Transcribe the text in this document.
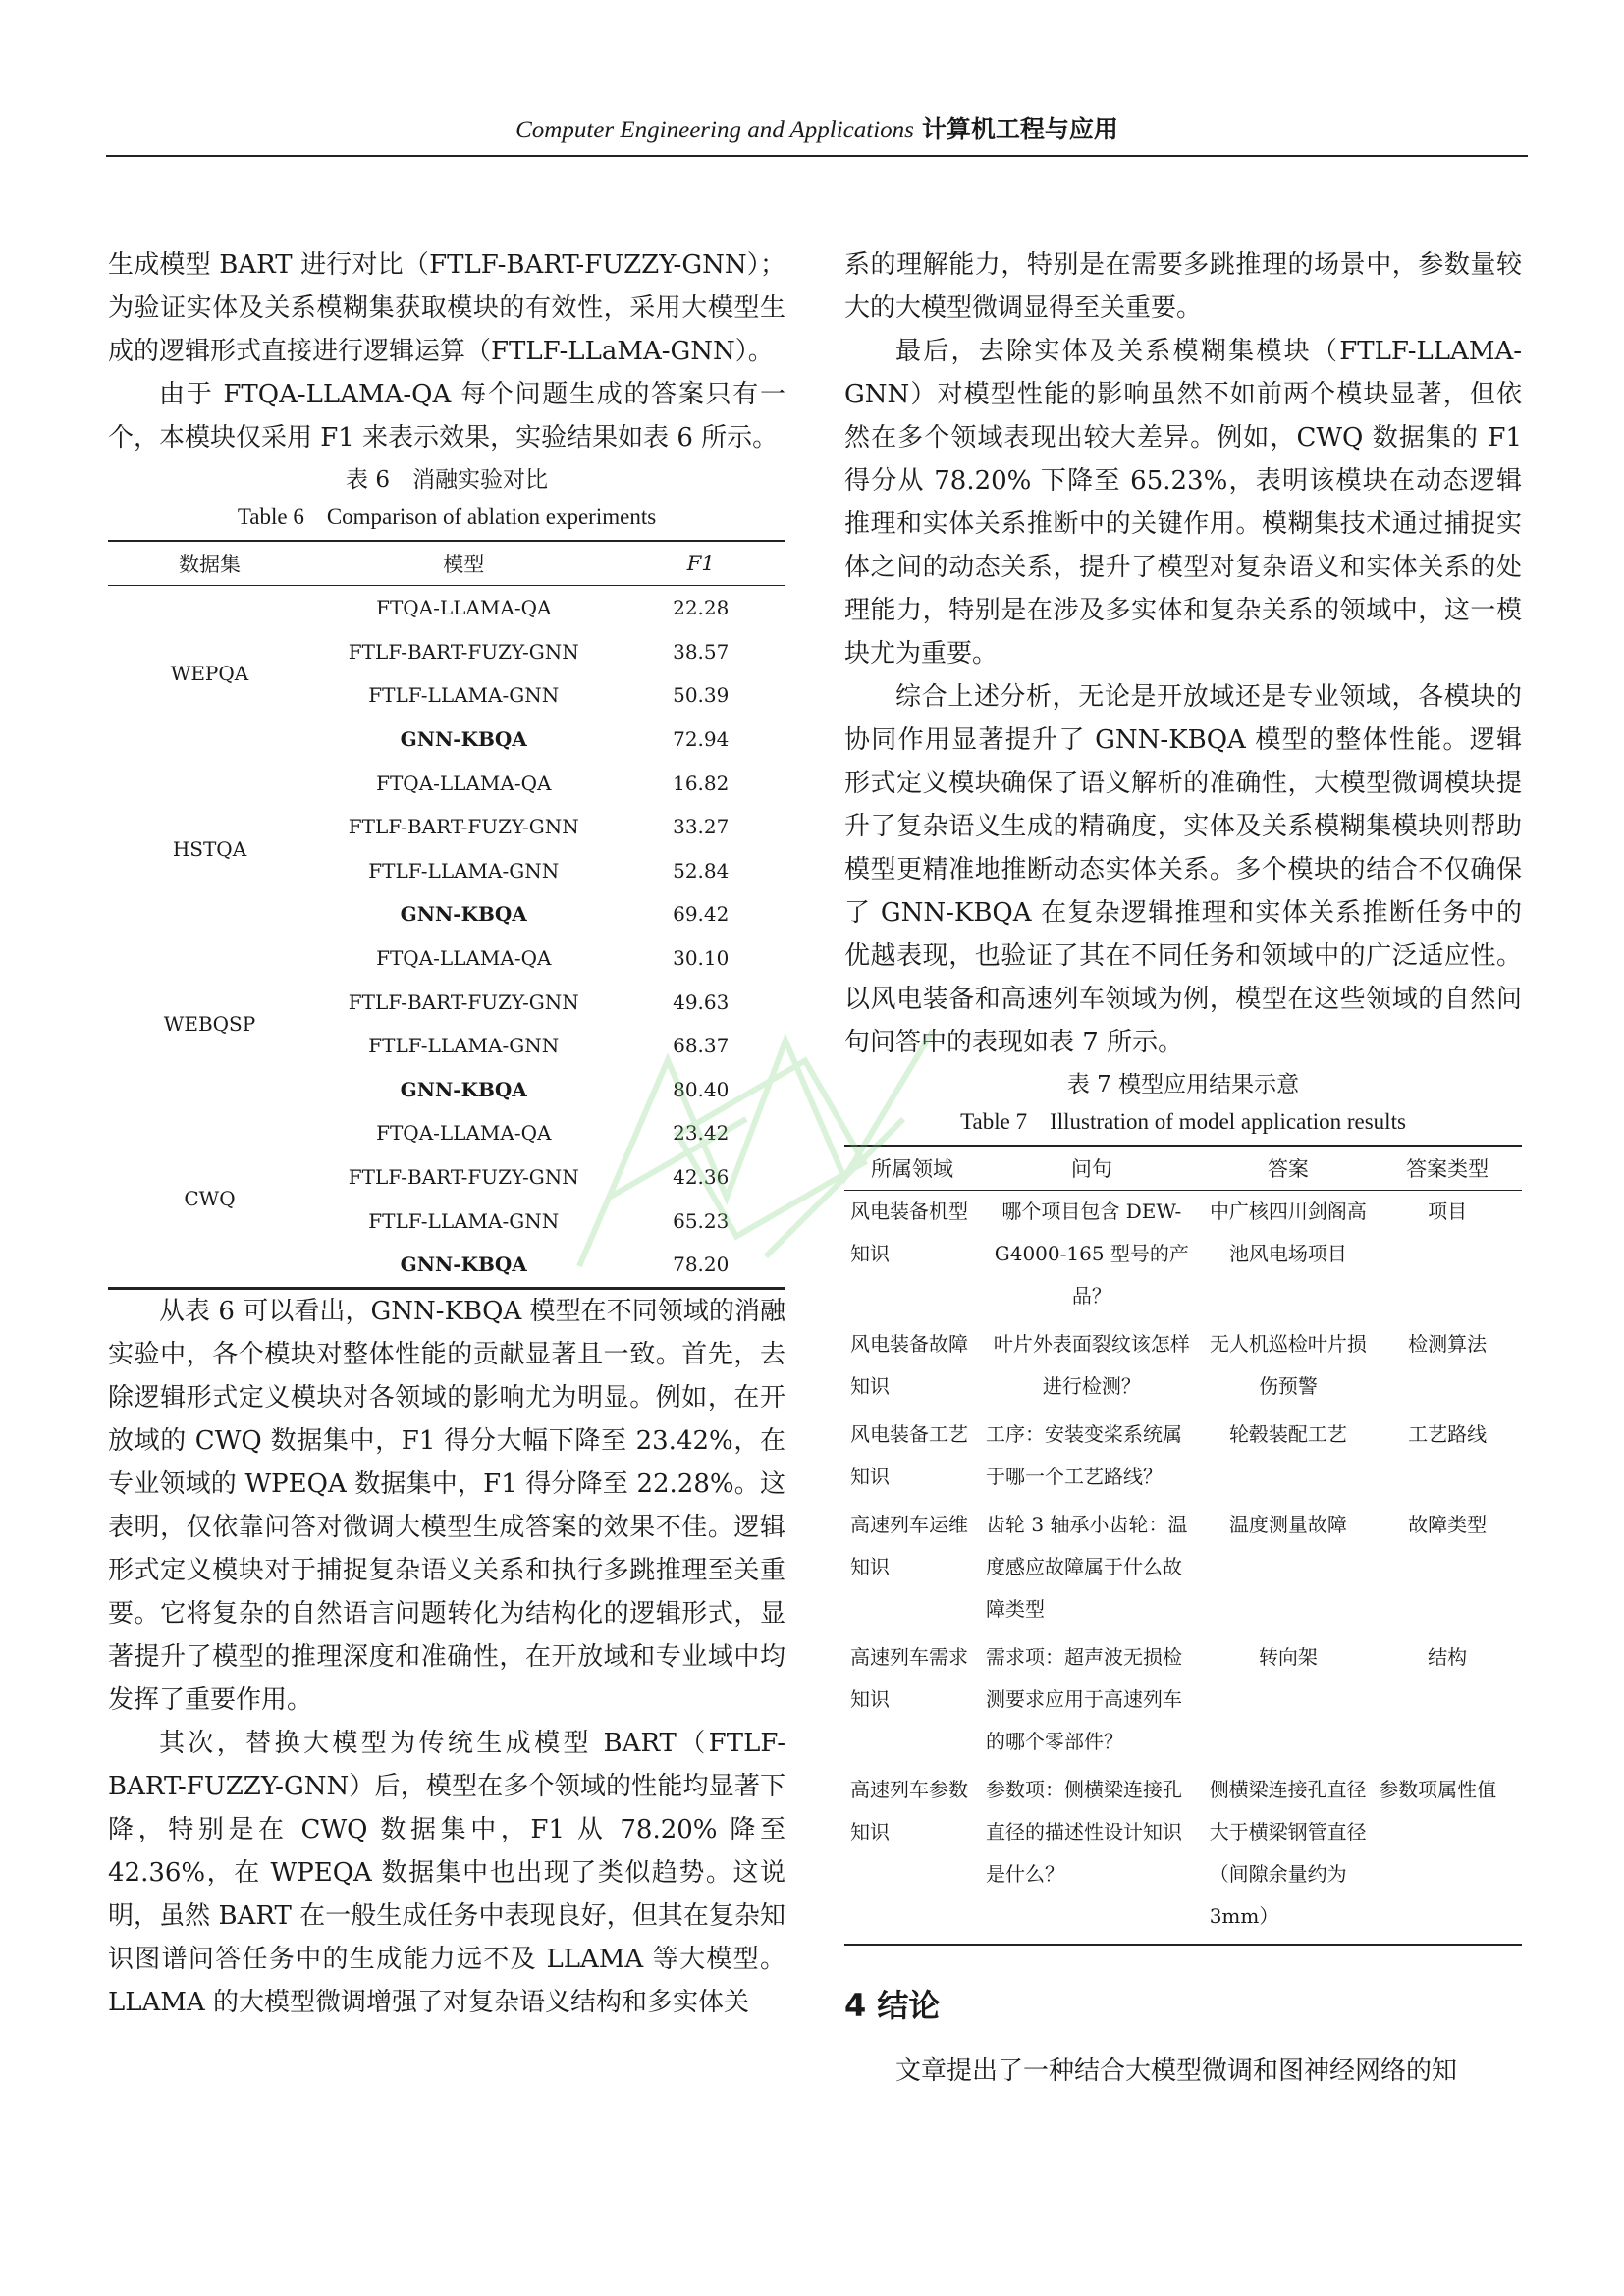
Computer Engineering and Applications 计算机工程与应用

生成模型 BART 进行对比（FTLF-BART-FUZZY-GNN）；为验证实体及关系模糊集获取模块的有效性，采用大模型生成的逻辑形式直接进行逻辑运算（FTLF-LLaMA-GNN）。

由于 FTQA-LLAMA-QA 每个问题生成的答案只有一个，本模块仅采用 F1 来表示效果，实验结果如表 6 所示。

表 6　消融实验对比
Table 6　Comparison of ablation experiments
数据集	模型	F1
WEPQA	FTQA-LLAMA-QA	22.28
	FTLF-BART-FUZY-GNN	38.57
	FTLF-LLAMA-GNN	50.39
	GNN-KBQA	72.94
HSTQA	FTQA-LLAMA-QA	16.82
	FTLF-BART-FUZY-GNN	33.27
	FTLF-LLAMA-GNN	52.84
	GNN-KBQA	69.42
WEBQSP	FTQA-LLAMA-QA	30.10
	FTLF-BART-FUZY-GNN	49.63
	FTLF-LLAMA-GNN	68.37
	GNN-KBQA	80.40
CWQ	FTQA-LLAMA-QA	23.42
	FTLF-BART-FUZY-GNN	42.36
	FTLF-LLAMA-GNN	65.23
	GNN-KBQA	78.20

从表 6 可以看出，GNN-KBQA 模型在不同领域的消融实验中，各个模块对整体性能的贡献显著且一致。首先，去除逻辑形式定义模块对各领域的影响尤为明显。例如，在开放域的 CWQ 数据集中，F1 得分大幅下降至 23.42%，在专业领域的 WPEQA 数据集中，F1 得分降至 22.28%。这表明，仅依靠问答对微调大模型生成答案的效果不佳。逻辑形式定义模块对于捕捉复杂语义关系和执行多跳推理至关重要。它将复杂的自然语言问题转化为结构化的逻辑形式，显著提升了模型的推理深度和准确性，在开放域和专业域中均发挥了重要作用。

其次，替换大模型为传统生成模型 BART（FTLF-BART-FUZZY-GNN）后，模型在多个领域的性能均显著下降，特别是在 CWQ 数据集中，F1 从 78.20% 降至 42.36%，在 WPEQA 数据集中也出现了类似趋势。这说明，虽然 BART 在一般生成任务中表现良好，但其在复杂知识图谱问答任务中的生成能力远不及 LLAMA 等大模型。LLAMA 的大模型微调增强了对复杂语义结构和多实体关

系的理解能力，特别是在需要多跳推理的场景中，参数量较大的大模型微调显得至关重要。

最后，去除实体及关系模糊集模块（FTLF-LLAMA-GNN）对模型性能的影响虽然不如前两个模块显著，但依然在多个领域表现出较大差异。例如，CWQ 数据集的 F1 得分从 78.20% 下降至 65.23%，表明该模块在动态逻辑推理和实体关系推断中的关键作用。模糊集技术通过捕捉实体之间的动态关系，提升了模型对复杂语义和实体关系的处理能力，特别是在涉及多实体和复杂关系的领域中，这一模块尤为重要。

综合上述分析，无论是开放域还是专业领域，各模块的协同作用显著提升了 GNN-KBQA 模型的整体性能。逻辑形式定义模块确保了语义解析的准确性，大模型微调模块提升了复杂语义生成的精确度，实体及关系模糊集模块则帮助模型更精准地推断动态实体关系。多个模块的结合不仅确保了 GNN-KBQA 在复杂逻辑推理和实体关系推断任务中的优越表现，也验证了其在不同任务和领域中的广泛适应性。以风电装备和高速列车领域为例，模型在这些领域的自然问句问答中的表现如表 7 所示。

表 7 模型应用结果示意
Table 7　Illustration of model application results
所属领域	问句	答案	答案类型
风电装备机型知识	哪个项目包含 DEW-G4000-165 型号的产品？	中广核四川剑阁高池风电场项目	项目
风电装备故障知识	叶片外表面裂纹该怎样进行检测？	无人机巡检叶片损伤预警	检测算法
风电装备工艺知识	工序：安装变桨系统属于哪一个工艺路线？	轮毂装配工艺	工艺路线
高速列车运维知识	齿轮 3 轴承小齿轮：温度感应故障属于什么故障类型	温度测量故障	故障类型
高速列车需求知识	需求项：超声波无损检测要求应用于高速列车的哪个零部件？	转向架	结构
高速列车参数知识	参数项：侧横梁连接孔直径的描述性设计知识是什么？	侧横梁连接孔直径大于横梁钢管直径（间隙余量约为 3mm）	参数项属性值
4 结论

文章提出了一种结合大模型微调和图神经网络的知
